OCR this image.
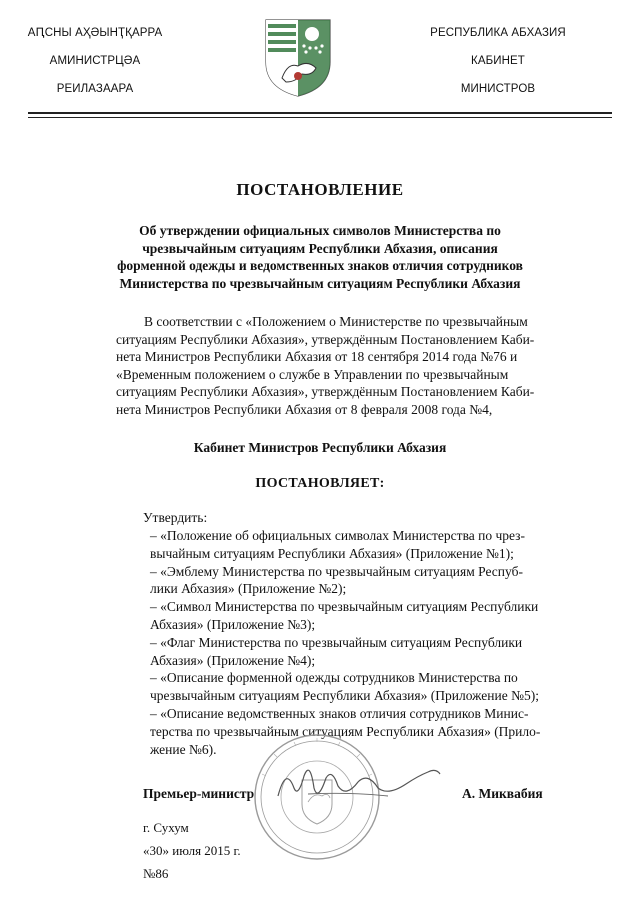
АԤСНЫ АҲӘЫНҬҚАРРА
АМИНИСТРЦӘА
РЕИЛАЗААРА
РЕСПУБЛИКА АБХАЗИЯ
КАБИНЕТ
МИНИСТРОВ
ПОСТАНОВЛЕНИЕ
Об утверждении официальных символов Министерства по
чрезвычайным ситуациям Республики Абхазия, описания
форменной одежды и ведомственных знаков отличия сотрудников
Министерства по чрезвычайным ситуациям Республики Абхазия
В соответствии с «Положением о Министерстве по чрезвычайным
ситуациям Республики Абхазия», утверждённым Постановлением Каби-
нета Министров Республики Абхазия от 18 сентября 2014 года №76 и
«Временным положением о службе в Управлении по чрезвычайным
ситуациям Республики Абхазия», утверждённым Постановлением Каби-
нета Министров Республики Абхазия от 8 февраля 2008 года №4,
Кабинет Министров Республики Абхазия
ПОСТАНОВЛЯЕТ:
Утвердить:
– «Положение об официальных символах Министерства по чрез-
вычайным ситуациям Республики Абхазия» (Приложение №1);
– «Эмблему Министерства по чрезвычайным ситуациям Респуб-
лики Абхазия» (Приложение №2);
– «Символ Министерства по чрезвычайным ситуациям Республики
Абхазия» (Приложение №3);
– «Флаг Министерства по чрезвычайным ситуациям Республики
Абхазия» (Приложение №4);
– «Описание форменной одежды сотрудников Министерства по
чрезвычайным ситуациям Республики Абхазия» (Приложение №5);
– «Описание ведомственных знаков отличия сотрудников Минис-
терства по чрезвычайным ситуациям Республики Абхазия» (Прило-
жение №6).
Премьер-министр	А. Миквабия
г. Сухум
«30» июля 2015 г.
№86
